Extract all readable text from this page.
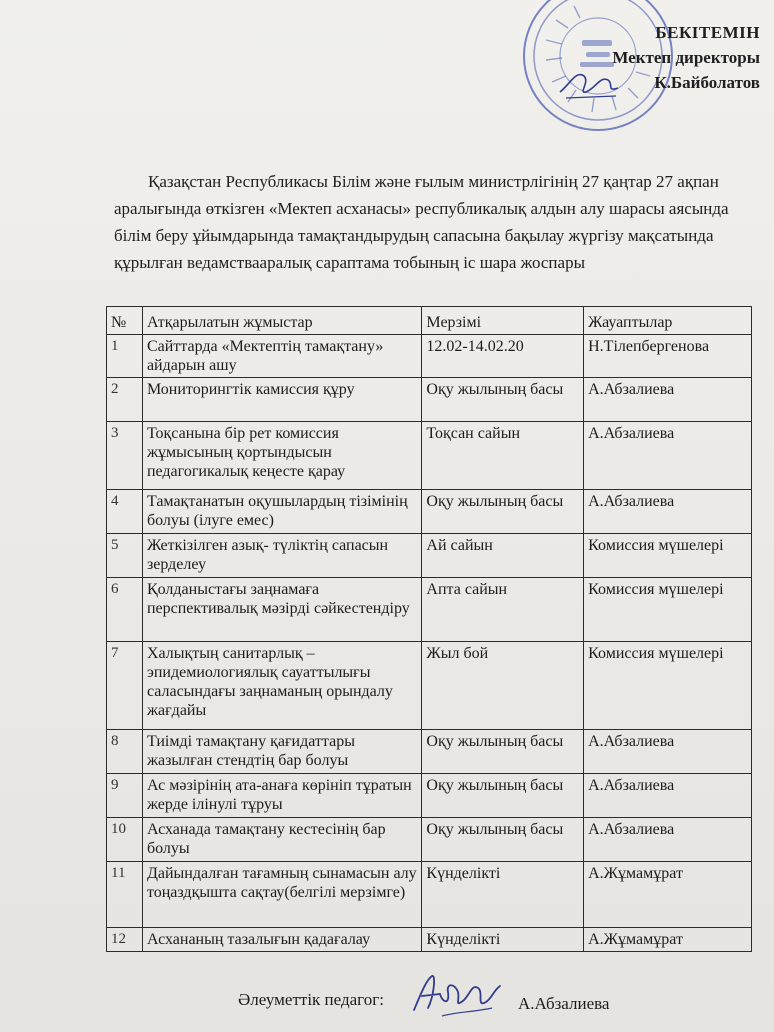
БЕКІТЕМІН
Мектеп директоры
К.Байболатов

Қазақстан Республикасы Білім және ғылым министрлігінің 27 қаңтар 27 ақпан аралығында өткізген «Мектеп асханасы» республикалық алдын алу шарасы аясында білім беру ұйымдарында тамақтандырудың сапасына бақылау жүргізу мақсатында құрылған ведамствааралық сараптама тобының іс шара жоспары

№	Атқарылатын жұмыстар	Мерзімі	Жауаптылар
1	Сайттарда «Мектептің тамақтану» айдарын ашу	12.02-14.02.20	Н.Тілепбергенова
2	Мониторингтік камиссия құру	Оқу жылының басы	А.Абзалиева
3	Тоқсанына бір рет комиссия жұмысының қортындысын педагогикалық кеңесте қарау	Тоқсан сайын	А.Абзалиева
4	Тамақтанатын оқушылардың тізімінің болуы (ілуге емес)	Оқу жылының басы	А.Абзалиева
5	Жеткізілген азық- түліктің сапасын зерделеу	Ай сайын	Комиссия мүшелері
6	Қолданыстағы заңнамаға перспективалық мәзірді сәйкестендіру	Апта сайын	Комиссия мүшелері
7	Халықтың санитарлық – эпидемиологиялық сауаттылығы саласындағы заңнаманың орындалу жағдайы	Жыл бой	Комиссия мүшелері
8	Тиімді тамақтану қағидаттары жазылған стендтің бар болуы	Оқу жылының басы	А.Абзалиева
9	Ас мәзірінің ата-анаға көрініп тұратын жерде ілінулі тұруы	Оқу жылының басы	А.Абзалиева
10	Асханада тамақтану кестесінің бар болуы	Оқу жылының басы	А.Абзалиева
11	Дайындалған тағамның сынамасын алу тоңаздқышта сақтау(белгілі мерзімге)	Күнделікті	А.Жұмамұрат
12	Асхананың тазалығын қадағалау	Күнделікті	А.Жұмамұрат
Әлеуметтік педагог:	А.Абзалиева
